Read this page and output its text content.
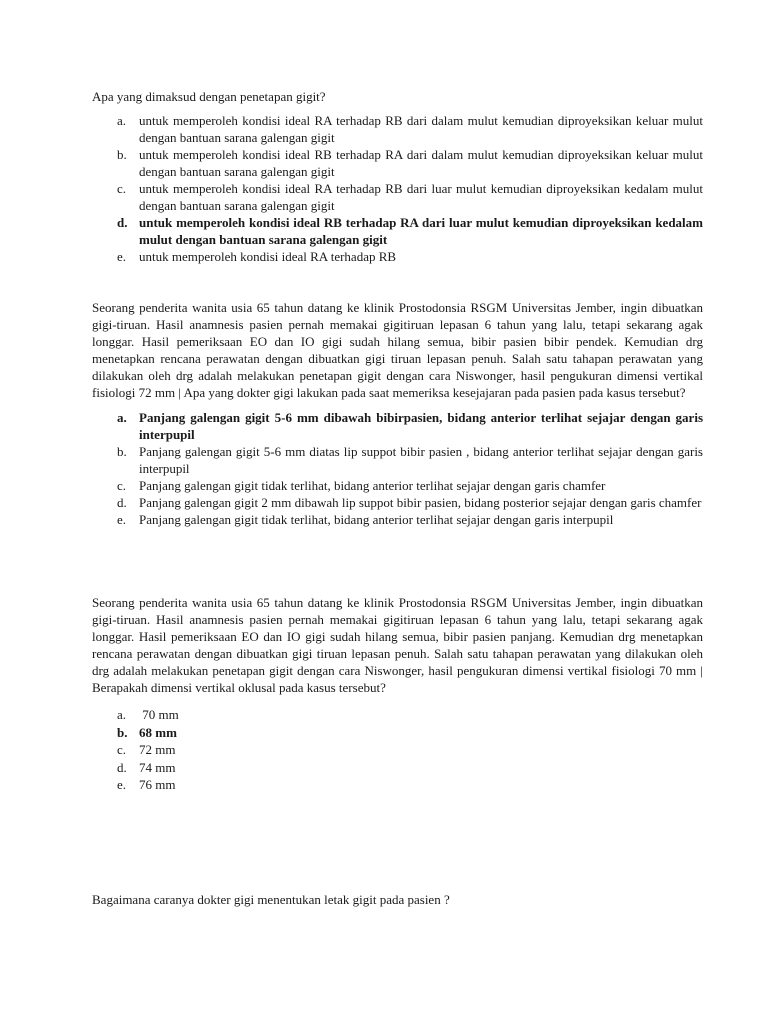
Apa yang dimaksud dengan penetapan gigit?

a. untuk memperoleh kondisi ideal RA terhadap RB dari dalam mulut kemudian diproyeksikan keluar mulut dengan bantuan sarana galengan gigit
b. untuk memperoleh kondisi ideal RB terhadap RA dari dalam mulut kemudian diproyeksikan keluar mulut dengan bantuan sarana galengan gigit
c. untuk memperoleh kondisi ideal RA terhadap RB dari luar mulut kemudian diproyeksikan kedalam mulut dengan bantuan sarana galengan gigit
d. untuk memperoleh kondisi ideal RB terhadap RA dari luar mulut kemudian diproyeksikan kedalam mulut dengan bantuan sarana galengan gigit
e. untuk memperoleh kondisi ideal RA terhadap RB

Seorang penderita wanita usia 65 tahun datang ke klinik Prostodonsia RSGM Universitas Jember, ingin dibuatkan gigi-tiruan. Hasil anamnesis pasien pernah memakai gigitiruan lepasan 6 tahun yang lalu, tetapi sekarang agak longgar. Hasil pemeriksaan EO dan IO gigi sudah hilang semua, bibir pasien bibir pendek. Kemudian drg menetapkan rencana perawatan dengan dibuatkan gigi tiruan lepasan penuh. Salah satu tahapan perawatan yang dilakukan oleh drg adalah melakukan penetapan gigit dengan cara Niswonger, hasil pengukuran dimensi vertikal fisiologi 72 mm | Apa yang dokter gigi lakukan pada saat memeriksa kesejajaran pada pasien pada kasus tersebut?

a. Panjang galengan gigit 5-6 mm dibawah bibirpasien, bidang anterior terlihat sejajar dengan garis interpupil
b. Panjang galengan gigit 5-6 mm diatas lip suppot bibir pasien , bidang anterior terlihat sejajar dengan garis interpupil
c. Panjang galengan gigit tidak terlihat, bidang anterior terlihat sejajar dengan garis chamfer
d. Panjang galengan gigit 2 mm dibawah lip suppot bibir pasien, bidang posterior sejajar dengan garis chamfer
e. Panjang galengan gigit tidak terlihat, bidang anterior terlihat sejajar dengan garis interpupil

Seorang penderita wanita usia 65 tahun datang ke klinik Prostodonsia RSGM Universitas Jember, ingin dibuatkan gigi-tiruan. Hasil anamnesis pasien pernah memakai gigitiruan lepasan 6 tahun yang lalu, tetapi sekarang agak longgar. Hasil pemeriksaan EO dan IO gigi sudah hilang semua, bibir pasien panjang. Kemudian drg menetapkan rencana perawatan dengan dibuatkan gigi tiruan lepasan penuh. Salah satu tahapan perawatan yang dilakukan oleh drg adalah melakukan penetapan gigit dengan cara Niswonger, hasil pengukuran dimensi vertikal fisiologi 70 mm | Berapakah dimensi vertikal oklusal pada kasus tersebut?

a. 70 mm
b. 68 mm
c. 72 mm
d. 74 mm
e. 76 mm

Bagaimana caranya dokter gigi menentukan letak gigit pada pasien ?
